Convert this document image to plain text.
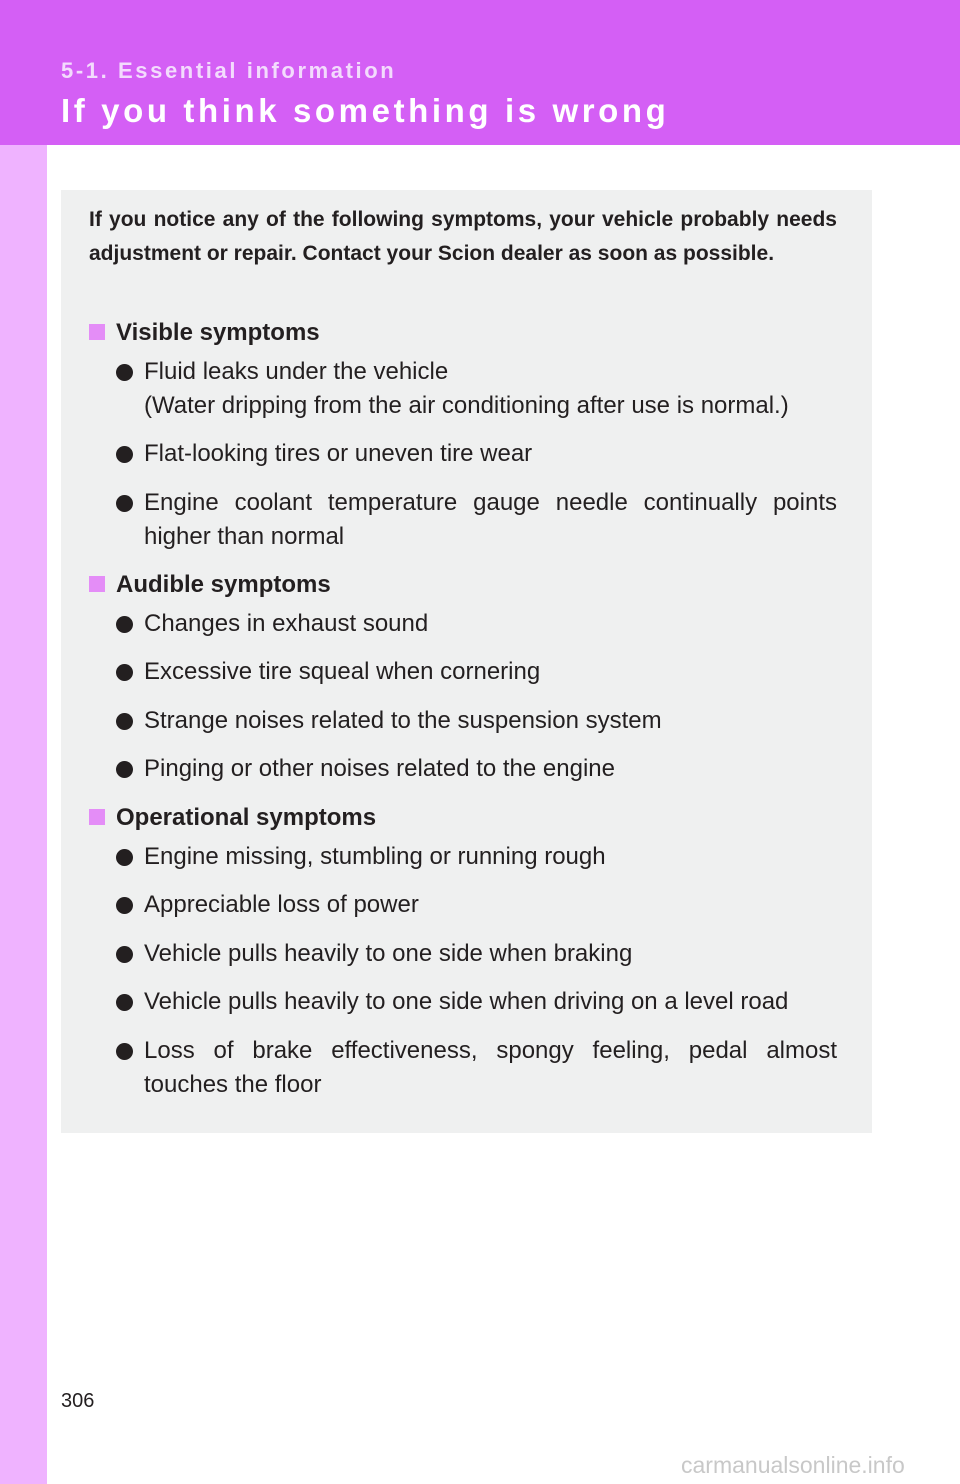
5-1. Essential information
If you think something is wrong

If you notice any of the following symptoms, your vehicle probably needs adjustment or repair. Contact your Scion dealer as soon as possible.

Visible symptoms
Fluid leaks under the vehicle
(Water dripping from the air conditioning after use is normal.)
Flat-looking tires or uneven tire wear
Engine coolant temperature gauge needle continually points higher than normal
Audible symptoms
Changes in exhaust sound
Excessive tire squeal when cornering
Strange noises related to the suspension system
Pinging or other noises related to the engine
Operational symptoms
Engine missing, stumbling or running rough
Appreciable loss of power
Vehicle pulls heavily to one side when braking
Vehicle pulls heavily to one side when driving on a level road
Loss of brake effectiveness, spongy feeling, pedal almost touches the floor
306
carmanualsonline.info
